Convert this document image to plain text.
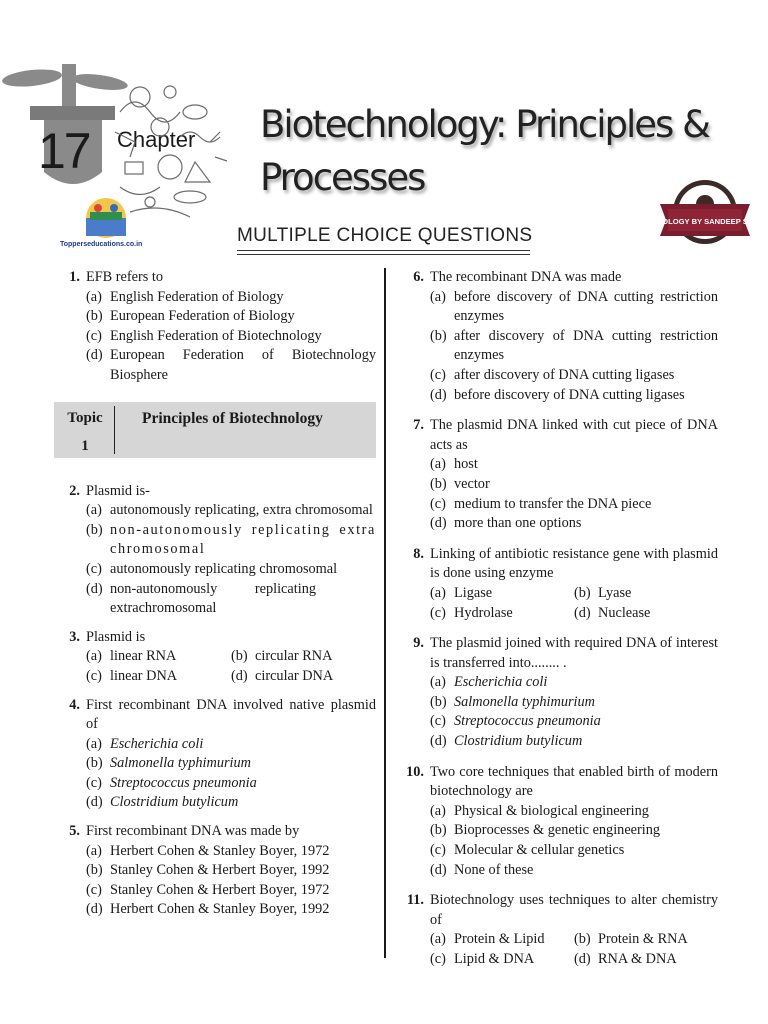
17 Chapter
Topperseducations.co.in
Biotechnology: Principles &
Processes
BIOLOGY BY SANDEEP SIR
MULTIPLE CHOICE QUESTIONS
1. EFB refers to
(a) English Federation of Biology
(b) European Federation of Biology
(c) English Federation of Biotechnology
(d) European Federation of Biotechnology Biosphere
Topic
1
Principles of Biotechnology
2. Plasmid is-
(a) autonomously replicating, extra chromosomal
(b) non-autonomously replicating extra chromosomal
(c) autonomously replicating chromosomal
(d) non-autonomously replicating extrachromosomal
3. Plasmid is
(a) linear RNA	(b) circular RNA
(c) linear DNA	(d) circular DNA
4. First recombinant DNA involved native plasmid of
(a) Escherichia coli
(b) Salmonella typhimurium
(c) Streptococcus pneumonia
(d) Clostridium butylicum
5. First recombinant DNA was made by
(a) Herbert Cohen & Stanley Boyer, 1972
(b) Stanley Cohen & Herbert Boyer, 1992
(c) Stanley Cohen & Herbert Boyer, 1972
(d) Herbert Cohen & Stanley Boyer, 1992
6. The recombinant DNA was made
(a) before discovery of DNA cutting restriction enzymes
(b) after discovery of DNA cutting restriction enzymes
(c) after discovery of DNA cutting ligases
(d) before discovery of DNA cutting ligases
7. The plasmid DNA linked with cut piece of DNA acts as
(a) host
(b) vector
(c) medium to transfer the DNA piece
(d) more than one options
8. Linking of antibiotic resistance gene with plasmid is done using enzyme
(a) Ligase	(b) Lyase
(c) Hydrolase	(d) Nuclease
9. The plasmid joined with required DNA of interest is transferred into........ .
(a) Escherichia coli
(b) Salmonella typhimurium
(c) Streptococcus pneumonia
(d) Clostridium butylicum
10. Two core techniques that enabled birth of modern biotechnology are
(a) Physical & biological engineering
(b) Bioprocesses & genetic engineering
(c) Molecular & cellular genetics
(d) None of these
11. Biotechnology uses techniques to alter chemistry of
(a) Protein & Lipid	(b) Protein & RNA
(c) Lipid & DNA	(d) RNA & DNA
